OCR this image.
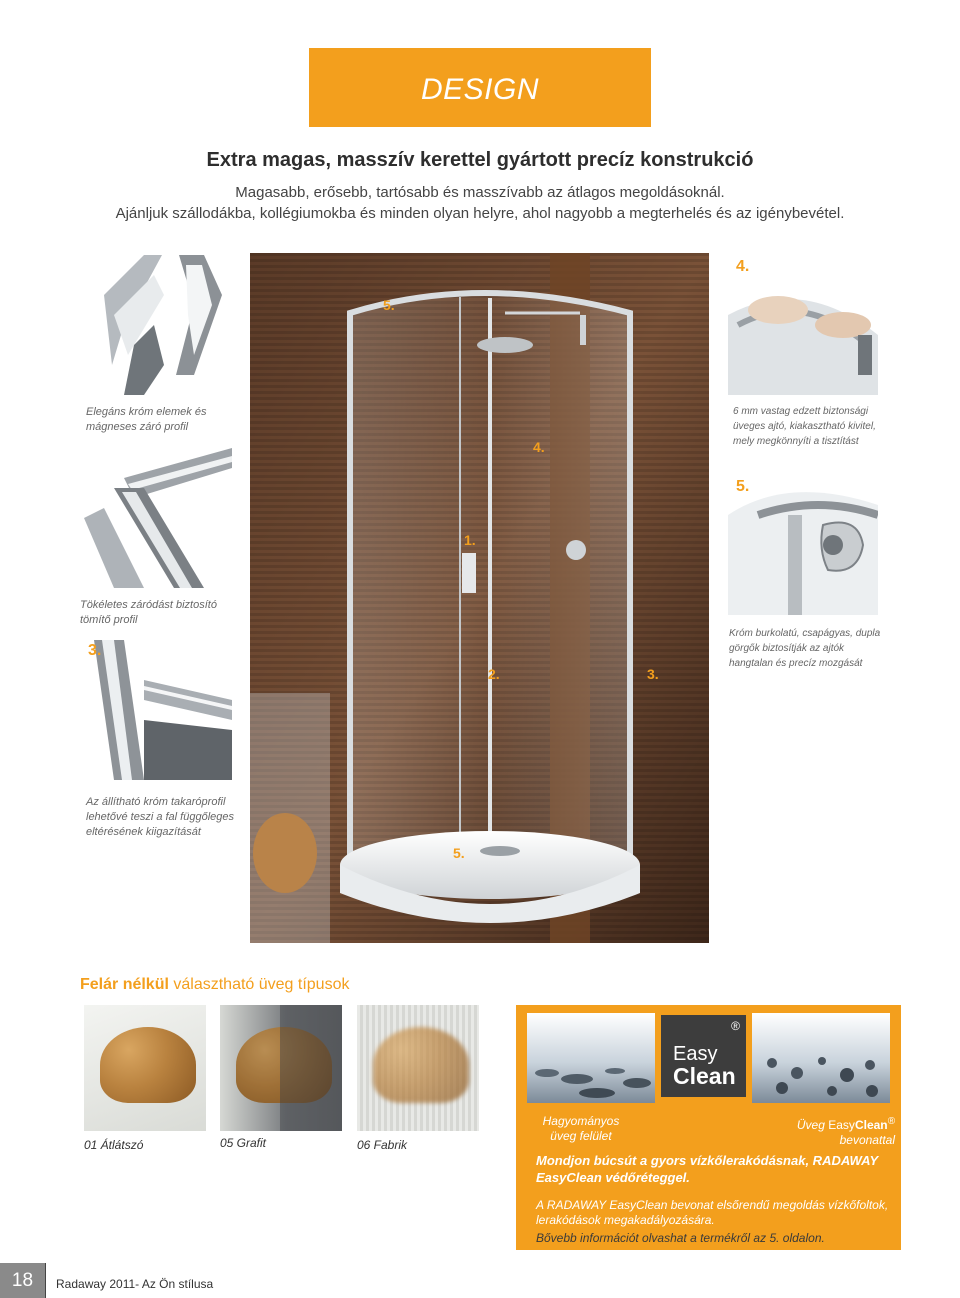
DESIGN
Extra magas, masszív kerettel gyártott precíz konstrukció
Magasabb, erősebb, tartósabb és masszívabb az átlagos megoldásoknál.
Ajánljuk szállodákba, kollégiumokba és minden olyan helyre, ahol nagyobb a megterhelés és az igénybevétel.
Elegáns króm elemek és mágneses záró profil
Tökéletes záródást biztosító tömítő profil
3.
Az állítható króm takaróprofil lehetővé teszi a fal függőleges eltérésének kiigazítását
5.
4.
1.
2.	3.
5.
4.
6 mm vastag edzett biztonsági üveges ajtó, kiakasztható kivitel, mely megkönnyíti a tisztítást
5.
Króm burkolatú, csapágyas, dupla görgők biztosítják az ajtók hangtalan és precíz mozgását
Felár nélkül választható üveg típusok
01 Átlátszó	05 Grafit	06 Fabrik
®
Easy
Clean
Hagyományos üveg felület
Üveg EasyClean®
bevonattal
Mondjon búcsút a gyors vízkőlerakódásnak, RADAWAY EasyClean védőréteggel.
A RADAWAY EasyClean bevonat elsőrendű megoldás vízkőfoltok, lerakódások megakadályozására.
Bővebb információt olvashat a termékről az 5. oldalon.
18	Radaway 2011- Az Ön stílusa
